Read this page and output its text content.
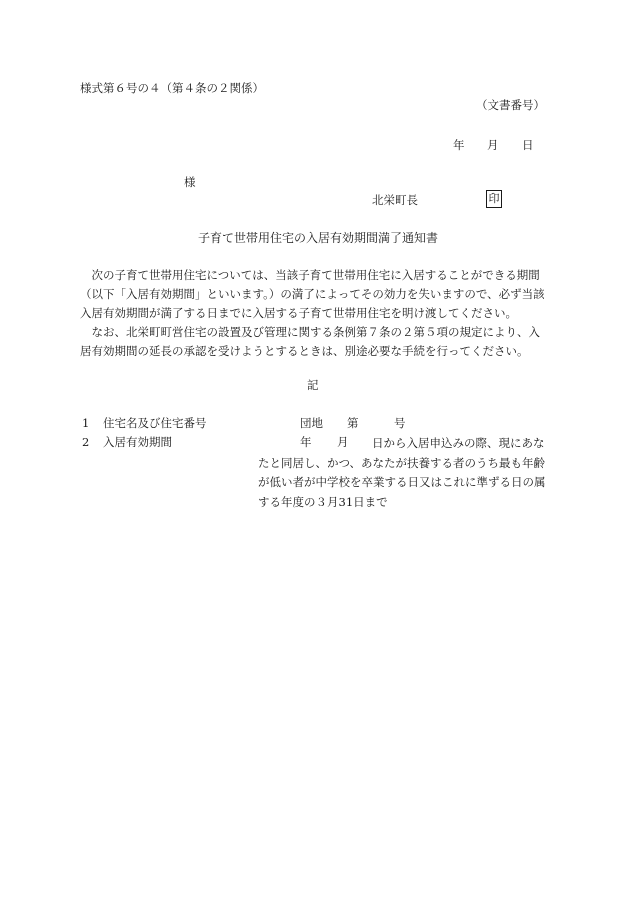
様式第６号の４（第４条の２関係）
（文書番号）
年 月 日
様
北栄町長	印
子育て世帯用住宅の入居有効期間満了通知書

次の子育て世帯用住宅については、当該子育て世帯用住宅に入居することができる期間（以下「入居有効期間」といいます。）の満了によってその効力を失いますので、必ず当該入居有効期間が満了する日までに入居する子育て世帯用住宅を明け渡してください。

なお、北栄町町営住宅の設置及び管理に関する条例第７条の２第５項の規定により、入居有効期間の延長の承認を受けようとするときは、別途必要な手続を行ってください。

記
1 住宅名及び住宅番号	団地 第	号
2 入居有効期間	年 月	日から入居申込みの際、現にあなたと同居し、かつ、あなたが扶養する者のうち最も年齢が低い者が中学校を卒業する日又はこれに準ずる日の属する年度の３月31日まで
